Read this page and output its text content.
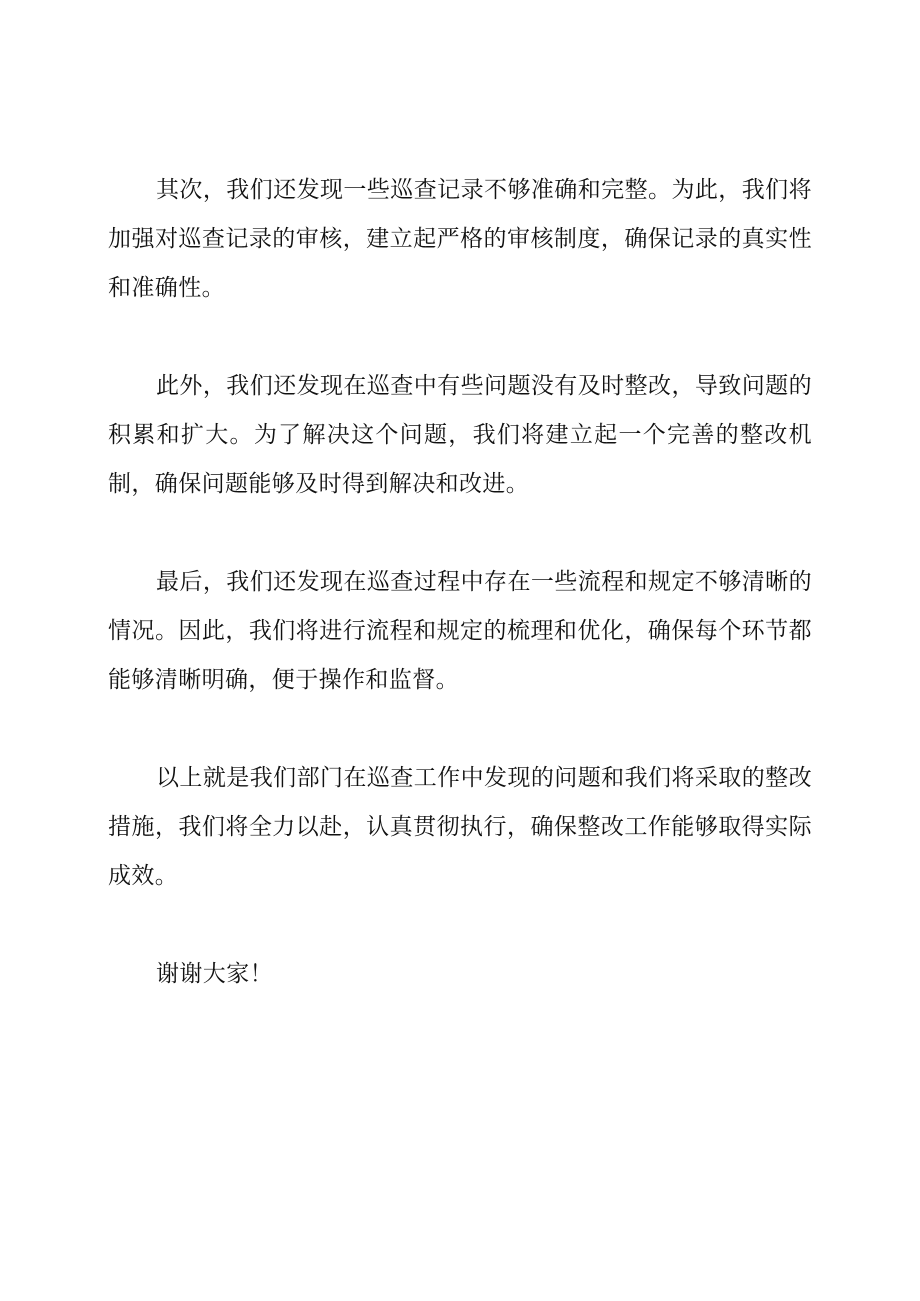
其次，我们还发现一些巡查记录不够准确和完整。为此，我们将加强对巡查记录的审核，建立起严格的审核制度，确保记录的真实性和准确性。

此外，我们还发现在巡查中有些问题没有及时整改，导致问题的积累和扩大。为了解决这个问题，我们将建立起一个完善的整改机制，确保问题能够及时得到解决和改进。

最后，我们还发现在巡查过程中存在一些流程和规定不够清晰的情况。因此，我们将进行流程和规定的梳理和优化，确保每个环节都能够清晰明确，便于操作和监督。

以上就是我们部门在巡查工作中发现的问题和我们将采取的整改措施，我们将全力以赴，认真贯彻执行，确保整改工作能够取得实际成效。

谢谢大家！
